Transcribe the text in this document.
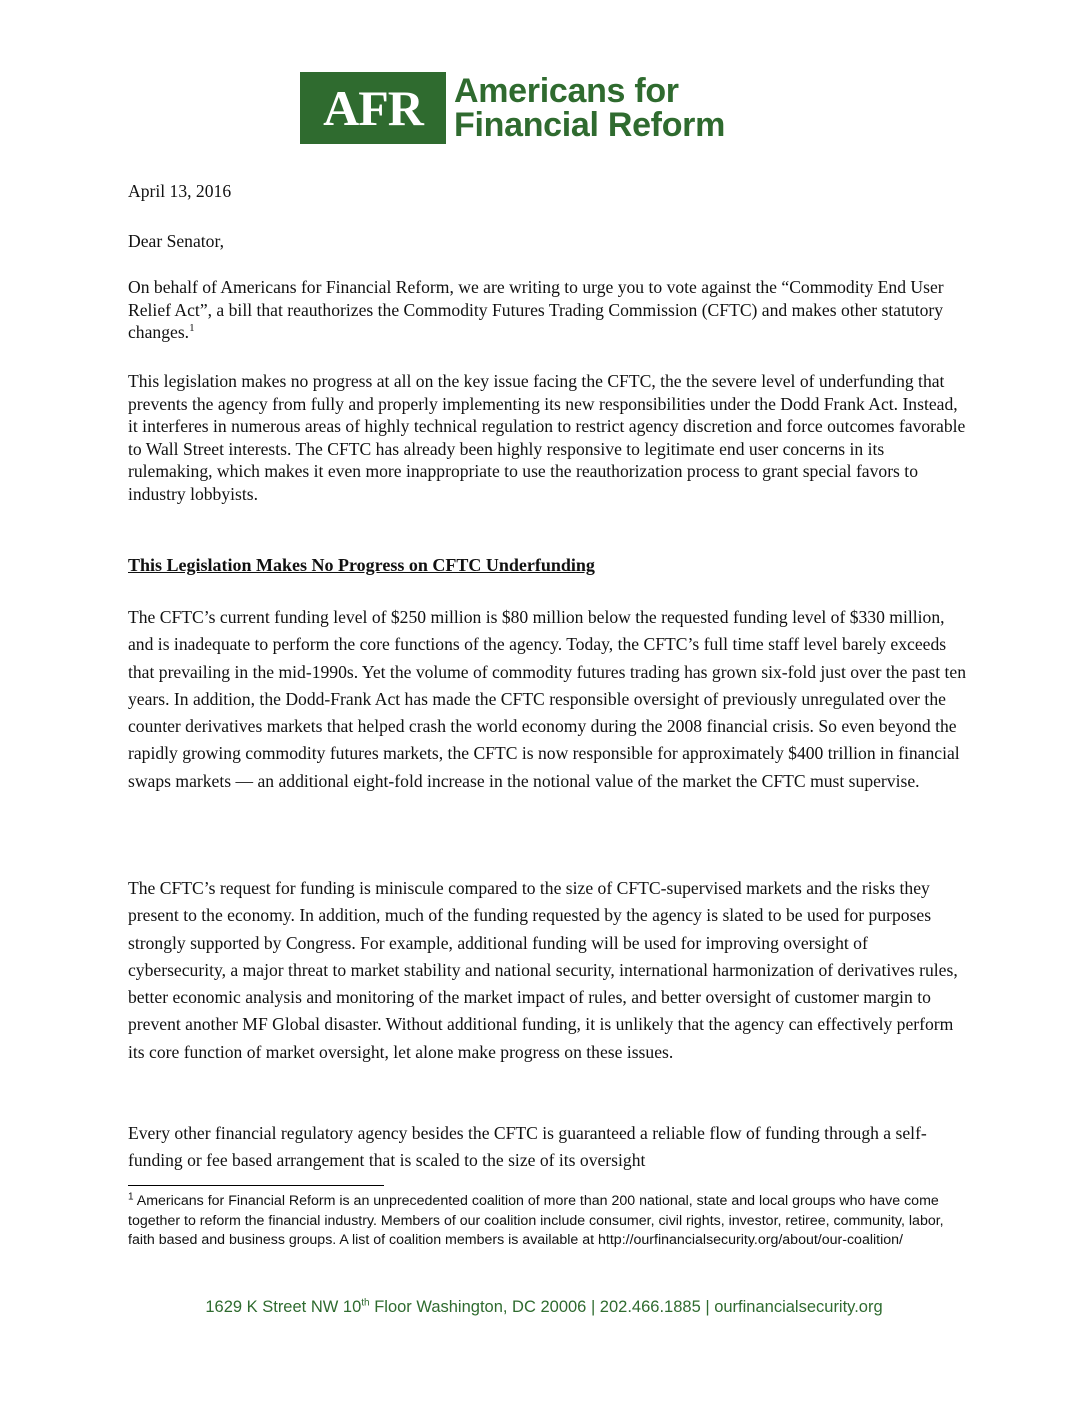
AFR Americans for
Financial Reform
April 13, 2016
Dear Senator,
On behalf of Americans for Financial Reform, we are writing to urge you to vote against the “Commodity End User Relief Act”, a bill that reauthorizes the Commodity Futures Trading Commission (CFTC) and makes other statutory changes.$^1$
This legislation makes no progress at all on the key issue facing the CFTC, the the severe level of underfunding that prevents the agency from fully and properly implementing its new responsibilities under the Dodd Frank Act. Instead, it interferes in numerous areas of highly technical regulation to restrict agency discretion and force outcomes favorable to Wall Street interests. The CFTC has already been highly responsive to legitimate end user concerns in its rulemaking, which makes it even more inappropriate to use the reauthorization process to grant special favors to industry lobbyists.
This Legislation Makes No Progress on CFTC Underfunding
The CFTC’s current funding level of $250 million is $80 million below the requested funding level of $330 million, and is inadequate to perform the core functions of the agency. Today, the CFTC’s full time staff level barely exceeds that prevailing in the mid-1990s. Yet the volume of commodity futures trading has grown six-fold just over the past ten years. In addition, the Dodd-Frank Act has made the CFTC responsible oversight of previously unregulated over the counter derivatives markets that helped crash the world economy during the 2008 financial crisis. So even beyond the rapidly growing commodity futures markets, the CFTC is now responsible for approximately $400 trillion in financial swaps markets — an additional eight-fold increase in the notional value of the market the CFTC must supervise.
The CFTC’s request for funding is miniscule compared to the size of CFTC-supervised markets and the risks they present to the economy. In addition, much of the funding requested by the agency is slated to be used for purposes strongly supported by Congress. For example, additional funding will be used for improving oversight of cybersecurity, a major threat to market stability and national security, international harmonization of derivatives rules, better economic analysis and monitoring of the market impact of rules, and better oversight of customer margin to prevent another MF Global disaster. Without additional funding, it is unlikely that the agency can effectively perform its core function of market oversight, let alone make progress on these issues.
Every other financial regulatory agency besides the CFTC is guaranteed a reliable flow of funding through a self-funding or fee based arrangement that is scaled to the size of its oversight
$^1$ Americans for Financial Reform is an unprecedented coalition of more than 200 national, state and local groups who have come together to reform the financial industry. Members of our coalition include consumer, civil rights, investor, retiree, community, labor, faith based and business groups. A list of coalition members is available at http://ourfinancialsecurity.org/about/our-coalition/
1629 K Street NW 10th Floor Washington, DC 20006 | 202.466.1885 | ourfinancialsecurity.org
